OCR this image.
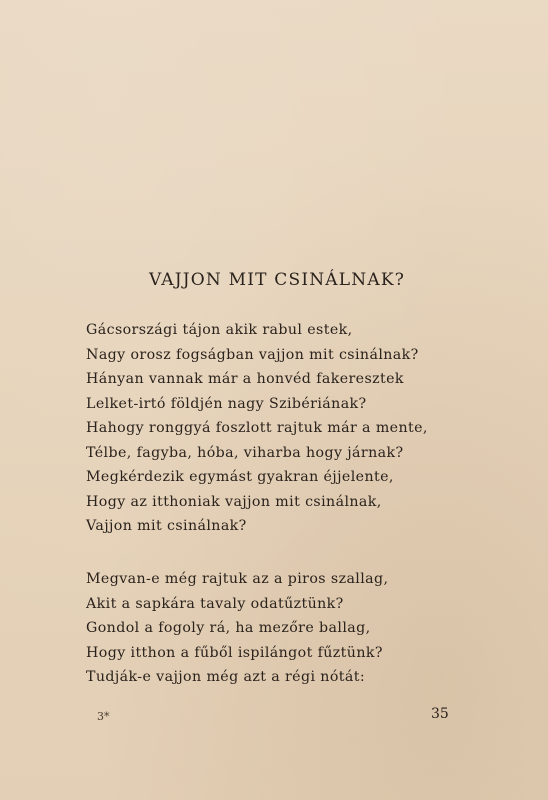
VAJJON MIT CSINÁLNAK?
Gácsországi tájon akik rabul estek,
Nagy orosz fogságban vajjon mit csinálnak?
Hányan vannak már a honvéd fakeresztek
Lelket-irtó földjén nagy Szibériának?
Hahogy ronggyá foszlott rajtuk már a mente,
Télbe, fagyba, hóba, viharba hogy járnak?
Megkérdezik egymást gyakran éjjelente,
Hogy az itthoniak vajjon mit csinálnak,
Vajjon mit csinálnak?
Megvan-e még rajtuk az a piros szallag,
Akit a sapkára tavaly odatűztünk?
Gondol a fogoly rá, ha mezőre ballag,
Hogy itthon a fűből ispilángot fűztünk?
Tudják-e vajjon még azt a régi nótát:
3*	35
